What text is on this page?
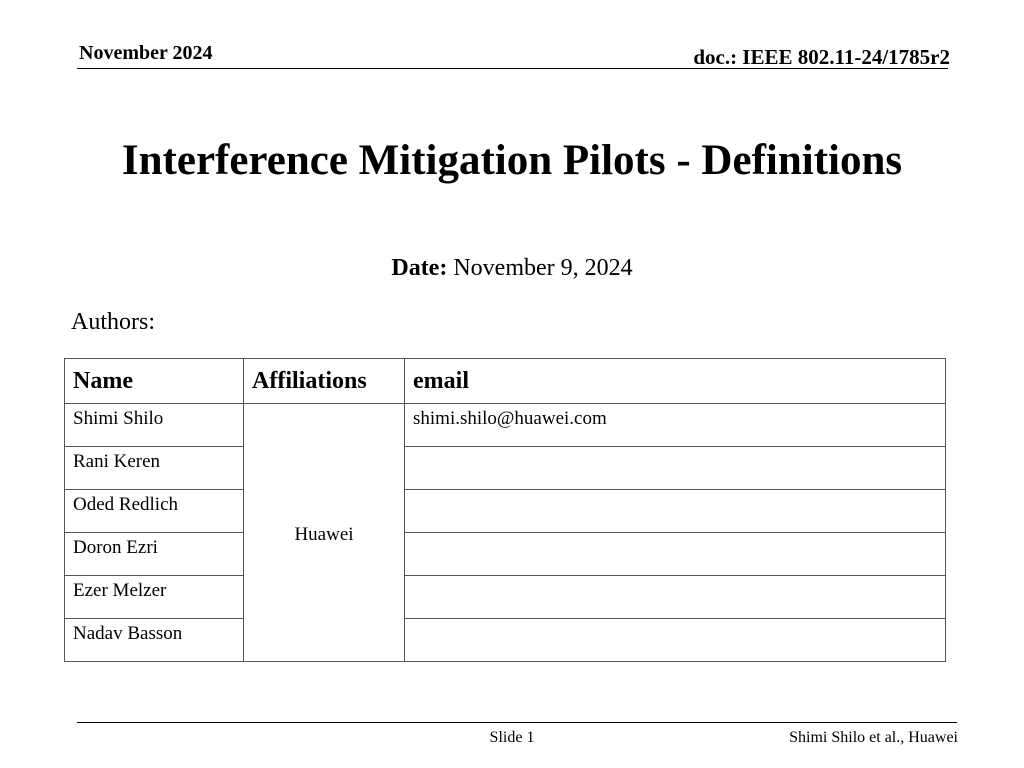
November 2024	doc.: IEEE 802.11-24/1785r2
Interference Mitigation Pilots - Definitions
Date: November 9, 2024
Authors:
Name	Affiliations	email
Shimi Shilo	Huawei	shimi.shilo@huawei.com
Rani Keren		
Oded Redlich		
Doron Ezri		
Ezer Melzer		
Nadav Basson		
Slide 1	Shimi Shilo et al., Huawei
